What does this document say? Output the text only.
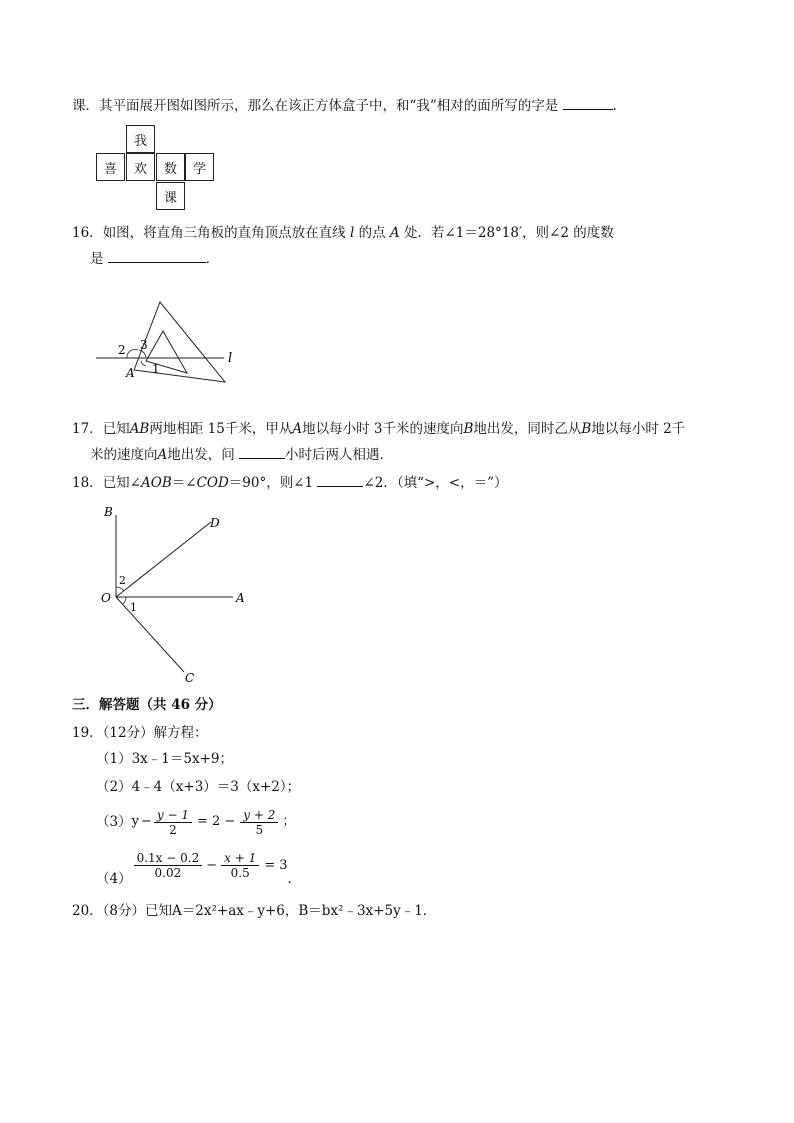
课．其平面展开图如图所示，那么在该正方体盒子中，和“我”相对的面所写的字是	．
我
喜	欢	数	学
课
16．如图，将直角三角板的直角顶点放在直线 l 的点 A 处．若∠1＝28°18′，则∠2 的度数
是	．
2 3
1
A
l
17．已知AB两地相距 15千米，甲从A地以每小时 3千米的速度向B地出发，同时乙从B地以每小时 2千
米的速度向A地出发，问	小时后两人相遇．
18．已知∠AOB＝∠COD＝90°，则∠1	∠2．（填“>，<，＝”）
B
D
O	A
C
2
1
三．解答题（共 46 分）
19．（12分）解方程：
（1）3x﹣1＝5x+9；
（2）4﹣4（x+3）＝3（x+2）；
（3） $y - \frac{y - 1}{2} = 2 - \frac{y + 2}{5}$ ；
$(4) \frac{0.1x - 0.2}{0.02} - \frac{x + 1}{0.5} = 3$
．
20．（8分）已知A＝2x²+ax﹣y+6，B＝bx²﹣3x+5y﹣1．
